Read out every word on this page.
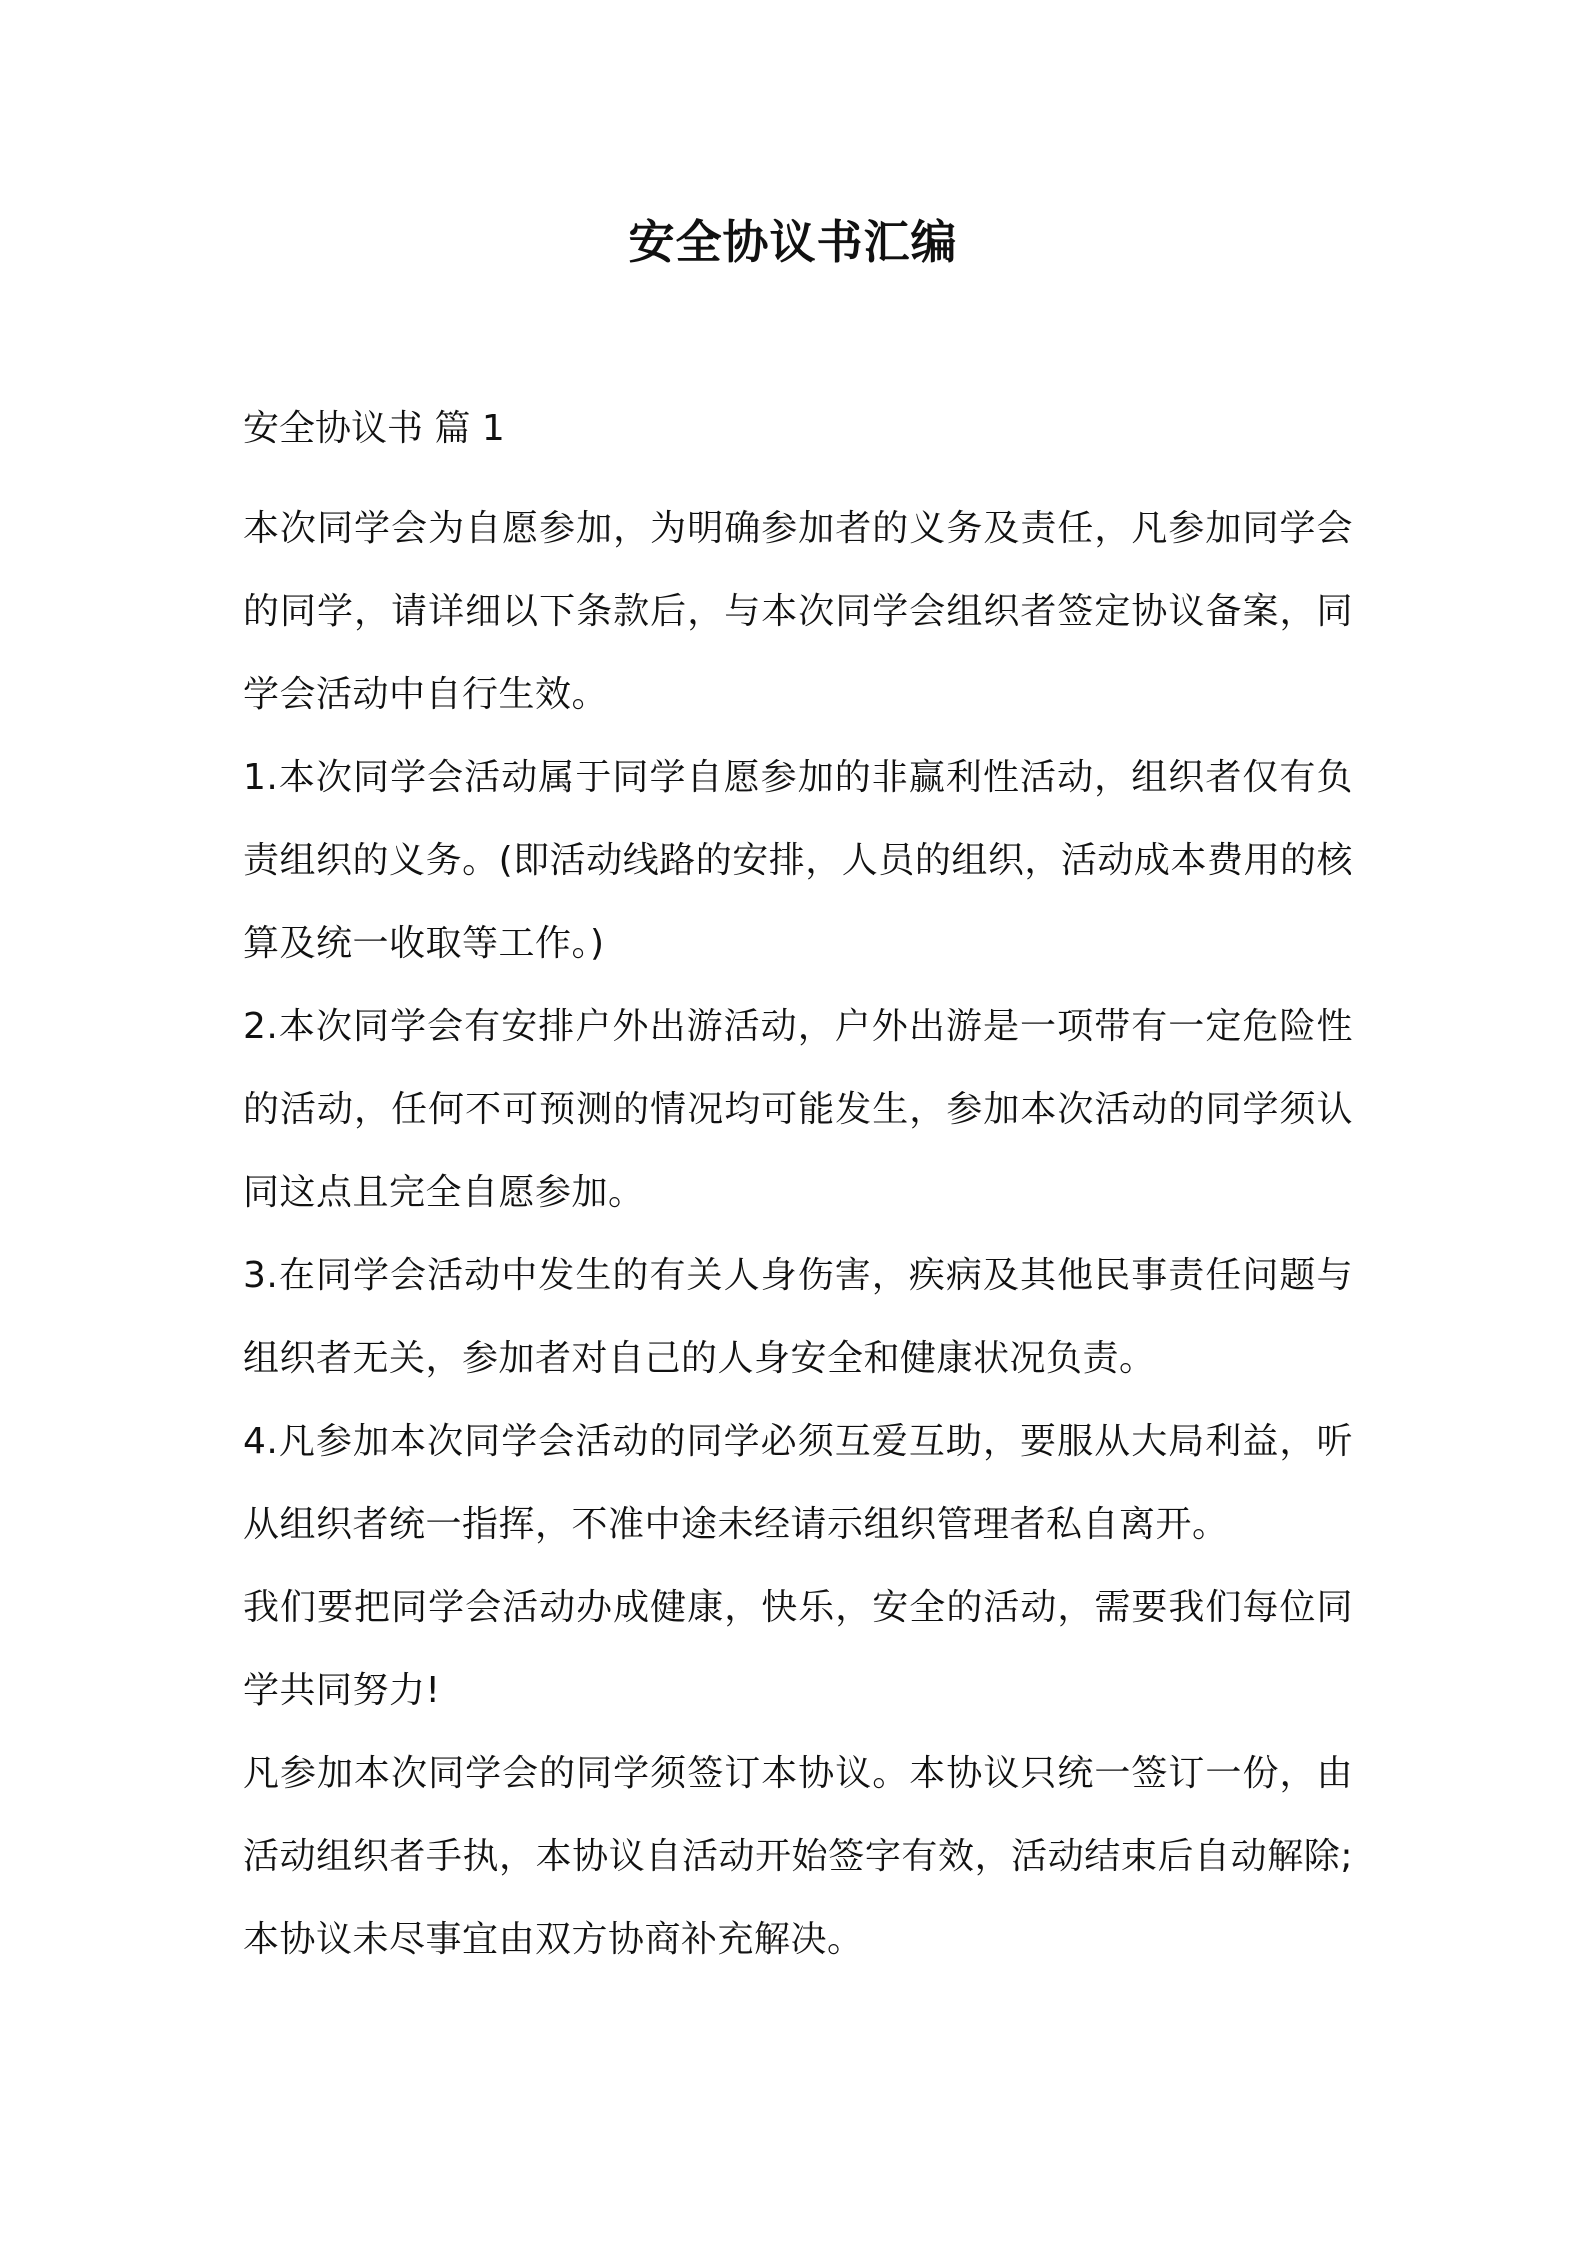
安全协议书汇编
安全协议书 篇 1

本次同学会为自愿参加，为明确参加者的义务及责任，凡参加同学会的同学，请详细以下条款后，与本次同学会组织者签定协议备案，同学会活动中自行生效。

1.本次同学会活动属于同学自愿参加的非赢利性活动，组织者仅有负责组织的义务。(即活动线路的安排，人员的组织，活动成本费用的核算及统一收取等工作。)

2.本次同学会有安排户外出游活动，户外出游是一项带有一定危险性的活动，任何不可预测的情况均可能发生，参加本次活动的同学须认同这点且完全自愿参加。

3.在同学会活动中发生的有关人身伤害，疾病及其他民事责任问题与组织者无关，参加者对自己的人身安全和健康状况负责。

4.凡参加本次同学会活动的同学必须互爱互助，要服从大局利益，听从组织者统一指挥，不准中途未经请示组织管理者私自离开。

我们要把同学会活动办成健康，快乐，安全的活动，需要我们每位同学共同努力!

凡参加本次同学会的同学须签订本协议。本协议只统一签订一份，由活动组织者手执，本协议自活动开始签字有效，活动结束后自动解除;本协议未尽事宜由双方协商补充解决。
